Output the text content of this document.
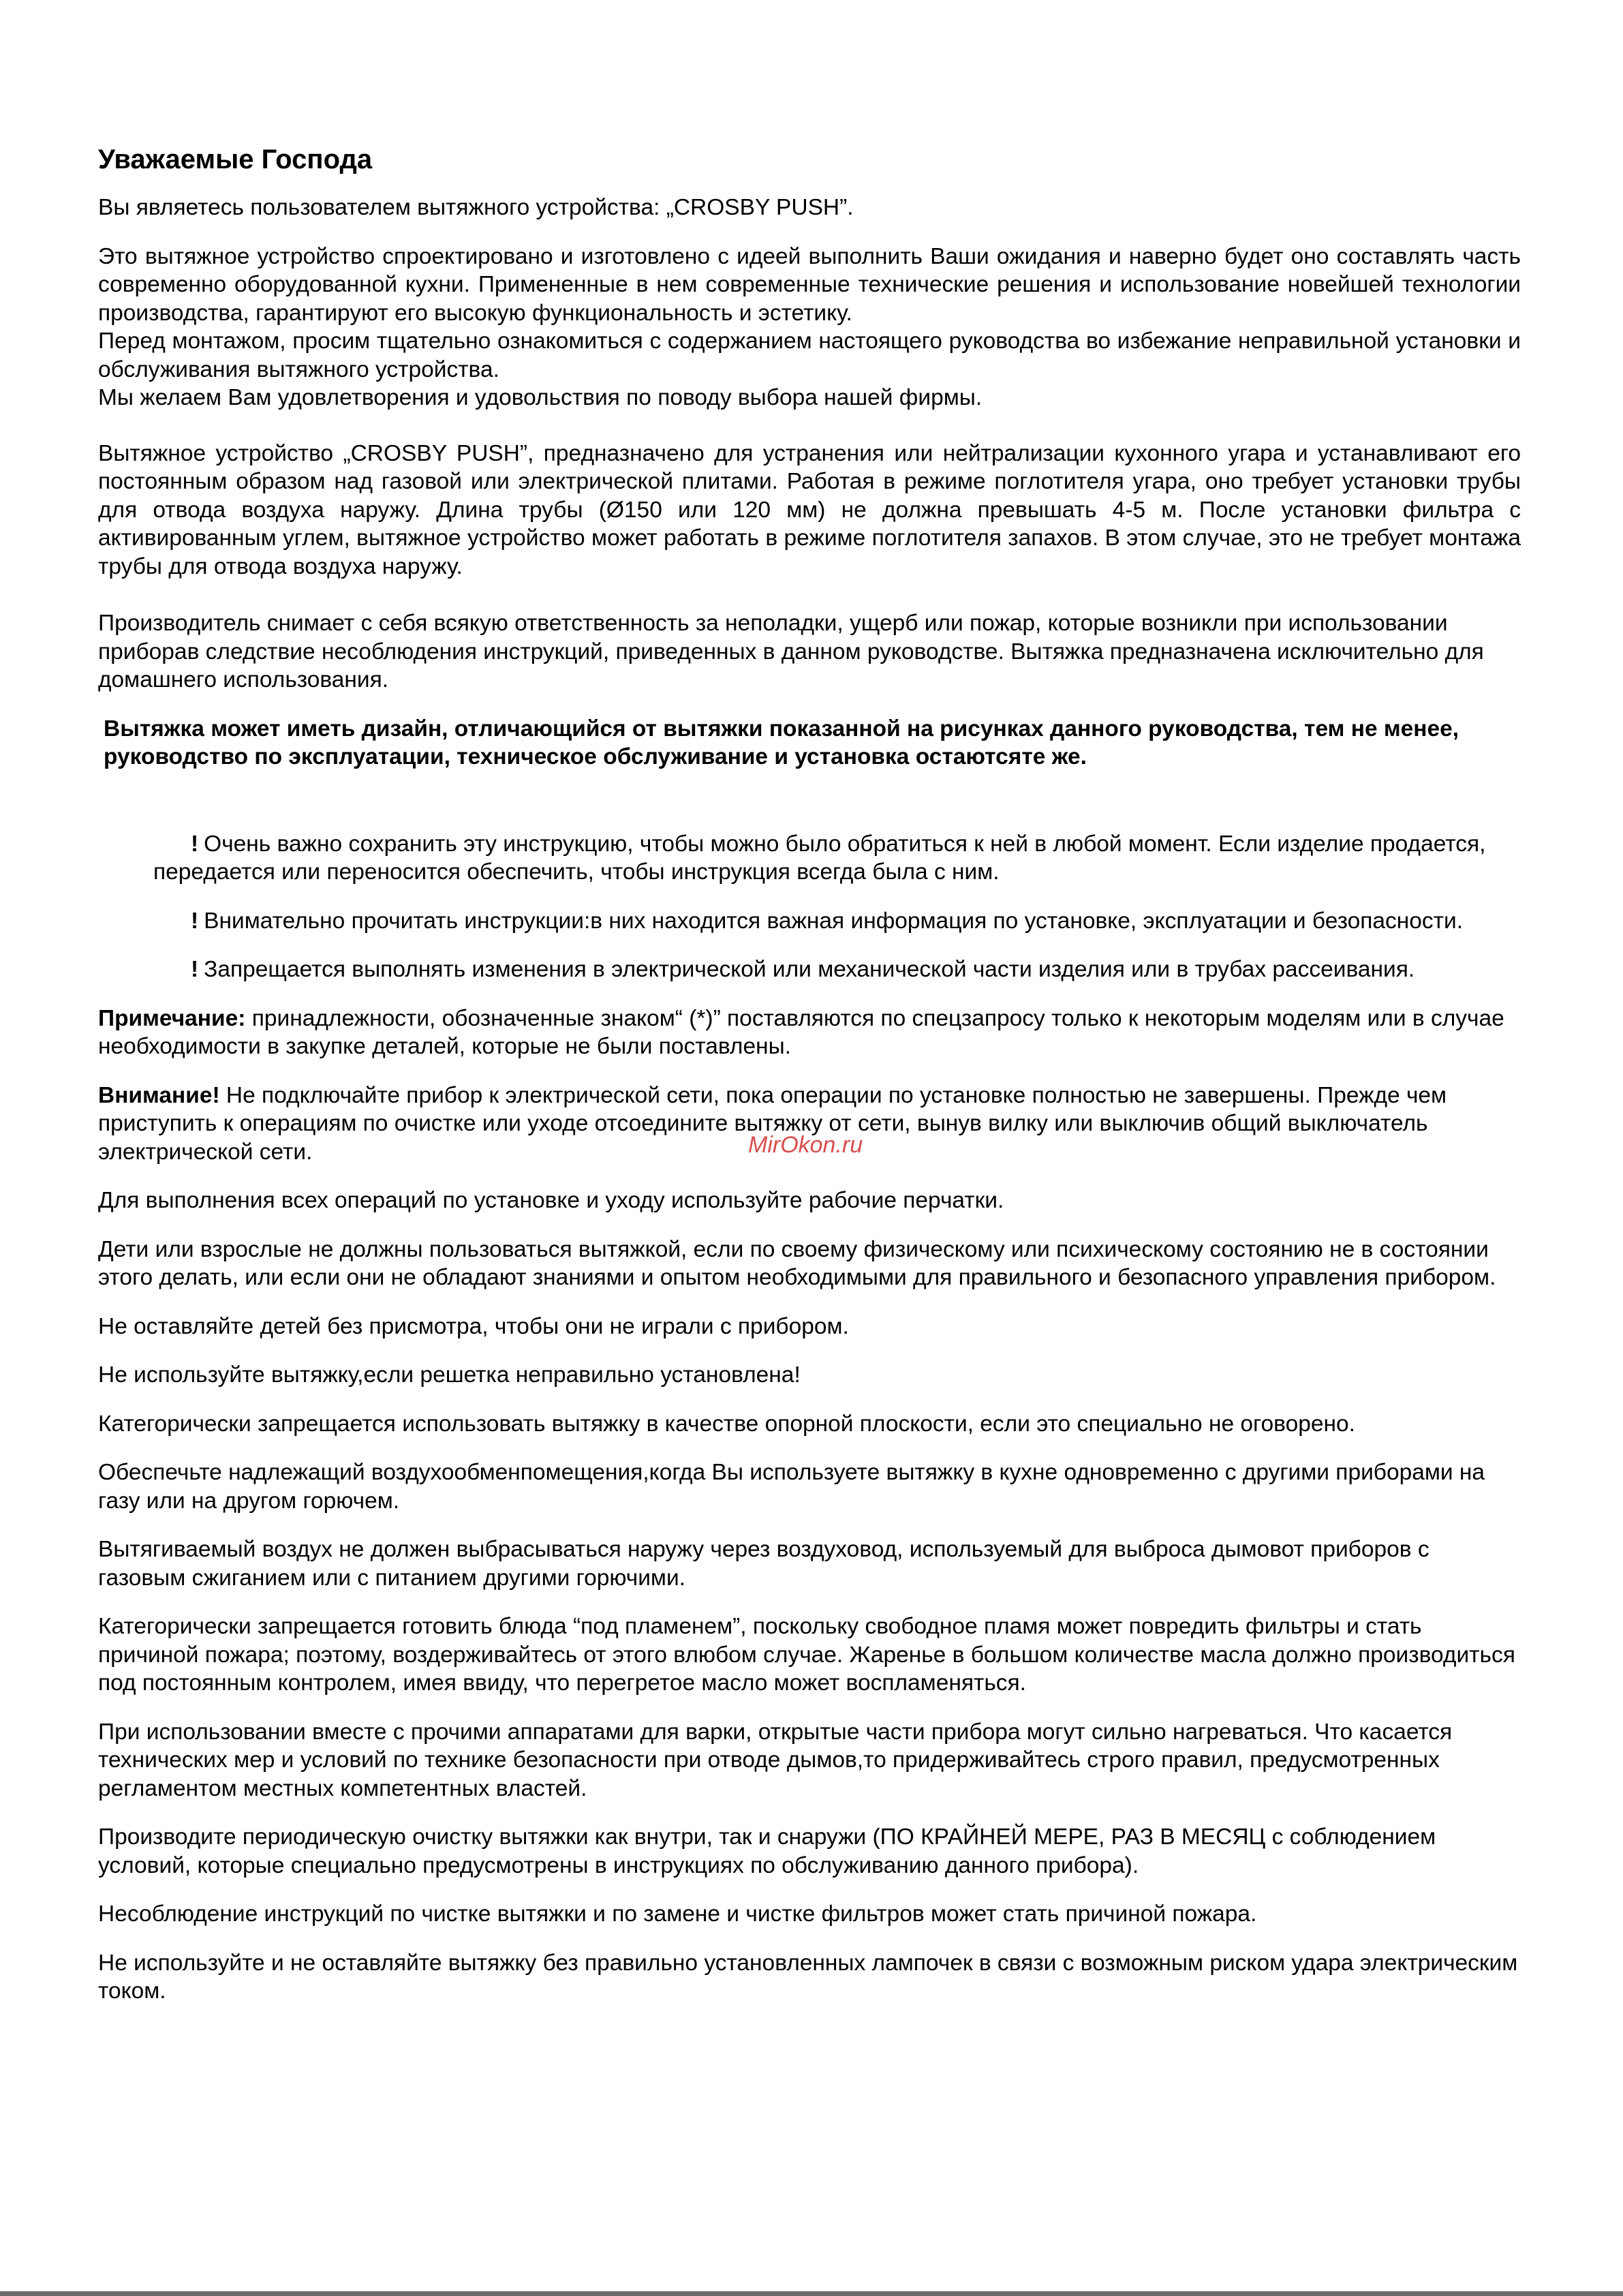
Уважаемые Господа

Вы являетесь пользователем вытяжного устройства: „CROSBY PUSH”.

Это вытяжное устройство спроектировано и изготовлено с идеей выполнить Ваши ожидания и наверно будет оно составлять часть современно оборудованной кухни. Примененные в нем современные технические решения и использование новейшей технологии производства, гарантируют его высокую функциональность и эстетику.

Перед монтажом, просим тщательно ознакомиться с содержанием настоящего руководства во избежание неправильной установки и обслуживания вытяжного устройства.

Мы желаем Вам удовлетворения и удовольствия по поводу выбора нашей фирмы.

Вытяжное устройство „CROSBY PUSH”, предназначено для устранения или нейтрализации кухонного угара и устанавливают его постоянным образом над газовой или электрической плитами. Работая в режиме поглотителя угара, оно требует установки трубы для отвода воздуха наружу. Длина трубы (Ø150 или 120 мм) не должна превышать 4-5 м. После установки фильтра с активированным углем, вытяжное устройство может работать в режиме поглотителя запахов. В этом случае, это не требует монтажа трубы для отвода воздуха наружу.

Производитель снимает с себя всякую ответственность за неполадки, ущерб или пожар, которые возникли при использовании приборав следствие несоблюдения инструкций, приведенных в данном руководстве. Вытяжка предназначена исключительно для домашнего использования.

Вытяжка может иметь дизайн, отличающийся от вытяжки показанной на рисунках данного руководства, тем не менее, руководство по эксплуатации, техническое обслуживание и установка остаютсяте же.

! Очень важно сохранить эту инструкцию, чтобы можно было обратиться к ней в любой момент. Если изделие продается, передается или переносится обеспечить, чтобы инструкция всегда была с ним.

! Внимательно прочитать инструкции:в них находится важная информация по установке, эксплуатации и безопасности.

! Запрещается выполнять изменения в электрической или механической части изделия или в трубах рассеивания.

Примечание: принадлежности, обозначенные знаком“ (*)” поставляются по спецзапросу только к некоторым моделям или в случае необходимости в закупке деталей, которые не были поставлены.

Внимание! Не подключайте прибор к электрической сети, пока операции по установке полностью не завершены. Прежде чем приступить к операциям по очистке или уходе отсоедините вытяжку от сети, вынув вилку или выключив общий выключатель электрической сети.

Для выполнения всех операций по установке и уходу используйте рабочие перчатки.

Дети или взрослые не должны пользоваться вытяжкой, если по своему физическому или психическому состоянию не в состоянии этого делать, или если они не обладают знаниями и опытом необходимыми для правильного и безопасного управления прибором.

Не оставляйте детей без присмотра, чтобы они не играли с прибором.

Не используйте вытяжку,если решетка неправильно установлена!

Категорически запрещается использовать вытяжку в качестве опорной плоскости, если это специально не оговорено.

Обеспечьте надлежащий воздухообменпомещения,когда Вы используете вытяжку в кухне одновременно с другими приборами на газу или на другом горючем.

Вытягиваемый воздух не должен выбрасываться наружу через воздуховод, используемый для выброса дымовот приборов с газовым сжиганием или с питанием другими горючими.

Категорически запрещается готовить блюда “под пламенем”, поскольку свободное пламя может повредить фильтры и стать причиной пожара; поэтому, воздерживайтесь от этого влюбом случае. Жаренье в большом количестве масла должно производиться под постоянным контролем, имея ввиду, что перегретое масло может воспламеняться.

При использовании вместе с прочими аппаратами для варки, открытые части прибора могут сильно нагреваться. Что касается технических мер и условий по технике безопасности при отводе дымов,то придерживайтесь строго правил, предусмотренных регламентом местных компетентных властей.

Производите периодическую очистку вытяжки как внутри, так и снаружи (ПО КРАЙНЕЙ МЕРЕ, РАЗ В МЕСЯЦ с соблюдением условий, которые специально предусмотрены в инструкциях по обслуживанию данного прибора).

Несоблюдение инструкций по чистке вытяжки и по замене и чистке фильтров может стать причиной пожара.

Не используйте и не оставляйте вытяжку без правильно установленных лампочек в связи с возможным риском удара электрическим током.

MirOkon.ru
